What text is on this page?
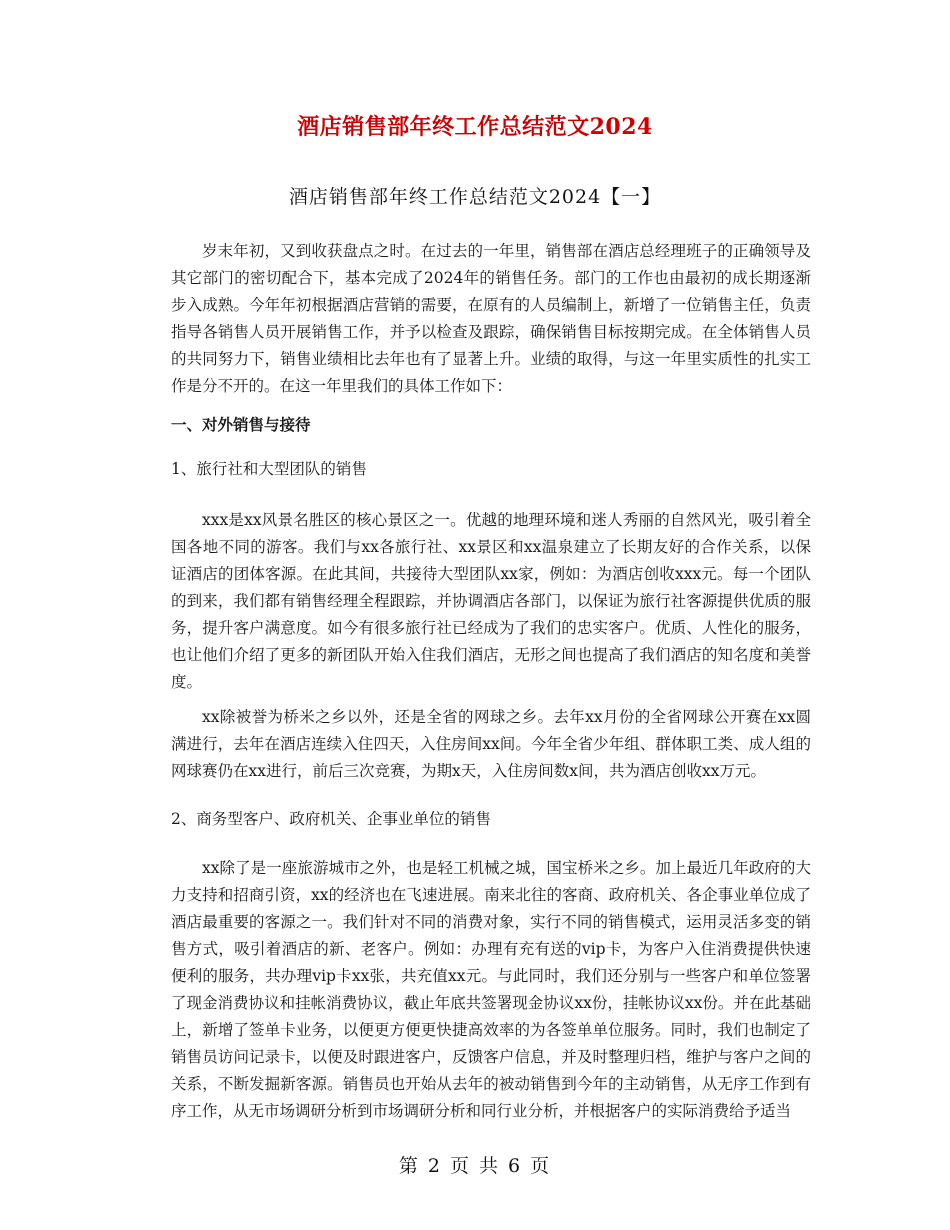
酒店销售部年终工作总结范文2024
酒店销售部年终工作总结范文2024【一】

岁末年初，又到收获盘点之时。在过去的一年里，销售部在酒店总经理班子的正确领导及其它部门的密切配合下，基本完成了2024年的销售任务。部门的工作也由最初的成长期逐渐步入成熟。今年年初根据酒店营销的需要，在原有的人员编制上，新增了一位销售主任，负责指导各销售人员开展销售工作，并予以检查及跟踪，确保销售目标按期完成。在全体销售人员的共同努力下，销售业绩相比去年也有了显著上升。业绩的取得，与这一年里实质性的扎实工作是分不开的。在这一年里我们的具体工作如下：

一、对外销售与接待

1、旅行社和大型团队的销售

xxx是xx风景名胜区的核心景区之一。优越的地理环境和迷人秀丽的自然风光，吸引着全国各地不同的游客。我们与xx各旅行社、xx景区和xx温泉建立了长期友好的合作关系，以保证酒店的团体客源。在此其间，共接待大型团队xx家，例如：为酒店创收xxx元。每一个团队的到来，我们都有销售经理全程跟踪，并协调酒店各部门，以保证为旅行社客源提供优质的服务，提升客户满意度。如今有很多旅行社已经成为了我们的忠实客户。优质、人性化的服务，也让他们介绍了更多的新团队开始入住我们酒店，无形之间也提高了我们酒店的知名度和美誉度。

xx除被誉为桥米之乡以外，还是全省的网球之乡。去年xx月份的全省网球公开赛在xx圆满进行，去年在酒店连续入住四天，入住房间xx间。今年全省少年组、群体职工类、成人组的网球赛仍在xx进行，前后三次竞赛，为期x天，入住房间数x间，共为酒店创收xx万元。

2、商务型客户、政府机关、企事业单位的销售

xx除了是一座旅游城市之外，也是轻工机械之城，国宝桥米之乡。加上最近几年政府的大力支持和招商引资，xx的经济也在飞速进展。南来北往的客商、政府机关、各企事业单位成了酒店最重要的客源之一。我们针对不同的消费对象，实行不同的销售模式，运用灵活多变的销售方式，吸引着酒店的新、老客户。例如：办理有充有送的vip卡，为客户入住消费提供快速便利的服务，共办理vip卡xx张，共充值xx元。与此同时，我们还分别与一些客户和单位签署了现金消费协议和挂帐消费协议，截止年底共签署现金协议xx份，挂帐协议xx份。并在此基础上，新增了签单卡业务，以便更方便更快捷高效率的为各签单单位服务。同时，我们也制定了销售员访问记录卡，以便及时跟进客户，反馈客户信息，并及时整理归档，维护与客户之间的关系，不断发掘新客源。销售员也开始从去年的被动销售到今年的主动销售，从无序工作到有序工作，从无市场调研分析到市场调研分析和同行业分析，并根据客户的实际消费给予适当

第 2 页 共 6 页
